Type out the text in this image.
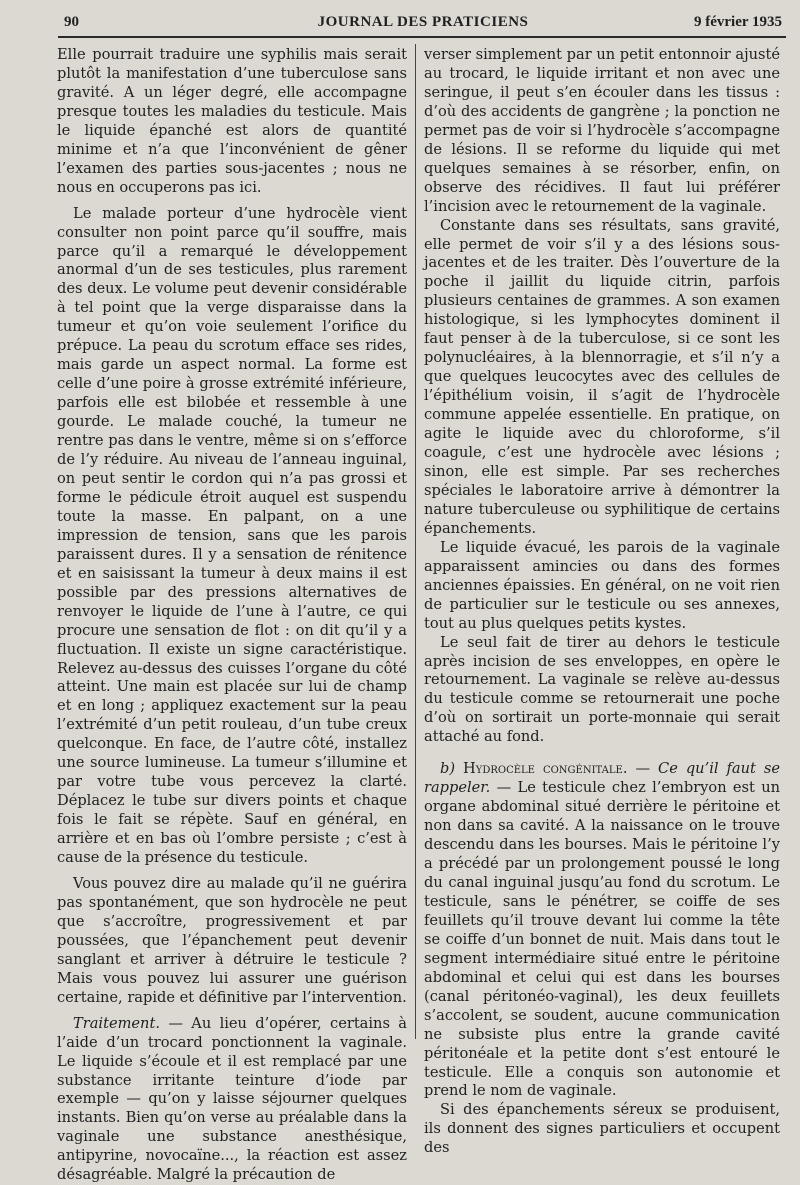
90	JOURNAL DES PRATICIENS	9 février 1935

Elle pourrait traduire une syphilis mais serait plutôt la manifestation d’une tuberculose sans gravité. A un léger degré, elle accompagne presque toutes les maladies du testicule. Mais le liquide épanché est alors de quantité minime et n’a que l’inconvénient de gêner l’examen des parties sous-jacentes ; nous ne nous en occuperons pas ici.

Le malade porteur d’une hydrocèle vient consulter non point parce qu’il souffre, mais parce qu’il a remarqué le développement anormal d’un de ses testicules, plus rarement des deux. Le volume peut devenir considérable à tel point que la verge disparaisse dans la tumeur et qu’on voie seulement l’orifice du prépuce. La peau du scrotum efface ses rides, mais garde un aspect normal. La forme est celle d’une poire à grosse extrémité inférieure, parfois elle est bilobée et ressemble à une gourde. Le malade couché, la tumeur ne rentre pas dans le ventre, même si on s’efforce de l’y réduire. Au niveau de l’anneau inguinal, on peut sentir le cordon qui n’a pas grossi et forme le pédicule étroit auquel est suspendu toute la masse. En palpant, on a une impression de tension, sans que les parois paraissent dures. Il y a sensation de rénitence et en saisissant la tumeur à deux mains il est possible par des pressions alternatives de renvoyer le liquide de l’une à l’autre, ce qui procure une sensation de flot : on dit qu’il y a fluctuation. Il existe un signe caractéristique. Relevez au-dessus des cuisses l’organe du côté atteint. Une main est placée sur lui de champ et en long ; appliquez exactement sur la peau l’extrémité d’un petit rouleau, d’un tube creux quelconque. En face, de l’autre côté, installez une source lumineuse. La tumeur s’illumine et par votre tube vous percevez la clarté. Déplacez le tube sur divers points et chaque fois le fait se répète. Sauf en général, en arrière et en bas où l’ombre persiste ; c’est à cause de la présence du testicule.

Vous pouvez dire au malade qu’il ne guérira pas spontanément, que son hydrocèle ne peut que s’accroître, progressivement et par poussées, que l’épanchement peut devenir sanglant et arriver à détruire le testicule ? Mais vous pouvez lui assurer une guérison certaine, rapide et définitive par l’intervention.

Traitement. — Au lieu d’opérer, certains à l’aide d’un trocard ponctionnent la vaginale. Le liquide s’écoule et il est remplacé par une substance irritante teinture d’iode par exemple — qu’on y laisse séjourner quelques instants. Bien qu’on verse au préalable dans la vaginale une substance anesthésique, antipyrine, novocaïne..., la réaction est assez désagréable. Malgré la précaution de

verser simplement par un petit entonnoir ajusté au trocard, le liquide irritant et non avec une seringue, il peut s’en écouler dans les tissus : d’où des accidents de gangrène ; la ponction ne permet pas de voir si l’hydrocèle s’accompagne de lésions. Il se reforme du liquide qui met quelques semaines à se résorber, enfin, on observe des récidives. Il faut lui préférer l’incision avec le retournement de la vaginale.

Constante dans ses résultats, sans gravité, elle permet de voir s’il y a des lésions sous-jacentes et de les traiter. Dès l’ouverture de la poche il jaillit du liquide citrin, parfois plusieurs centaines de grammes. A son examen histologique, si les lymphocytes dominent il faut penser à de la tuberculose, si ce sont les polynucléaires, à la blennorragie, et s’il n’y a que quelques leucocytes avec des cellules de l’épithélium voisin, il s’agit de l’hydrocèle commune appelée essentielle. En pratique, on agite le liquide avec du chloroforme, s’il coagule, c’est une hydrocèle avec lésions ; sinon, elle est simple. Par ses recherches spéciales le laboratoire arrive à démontrer la nature tuberculeuse ou syphilitique de certains épanchements.

Le liquide évacué, les parois de la vaginale apparaissent amincies ou dans des formes anciennes épaissies. En général, on ne voit rien de particulier sur le testicule ou ses annexes, tout au plus quelques petits kystes.

Le seul fait de tirer au dehors le testicule après incision de ses enveloppes, en opère le retournement. La vaginale se relève au-dessus du testicule comme se retournerait une poche d’où on sortirait un porte-monnaie qui serait attaché au fond.

b) Hydrocèle congénitale. — Ce qu’il faut se rappeler. — Le testicule chez l’embryon est un organe abdominal situé derrière le péritoine et non dans sa cavité. A la naissance on le trouve descendu dans les bourses. Mais le péritoine l’y a précédé par un prolongement poussé le long du canal inguinal jusqu’au fond du scrotum. Le testicule, sans le pénétrer, se coiffe de ses feuillets qu’il trouve devant lui comme la tête se coiffe d’un bonnet de nuit. Mais dans tout le segment intermédiaire situé entre le péritoine abdominal et celui qui est dans les bourses (canal péritonéo-vaginal), les deux feuillets s’accolent, se soudent, aucune communication ne subsiste plus entre la grande cavité péritonéale et la petite dont s’est entouré le testicule. Elle a conquis son autonomie et prend le nom de vaginale.

Si des épanchements séreux se produisent, ils donnent des signes particuliers et occupent des
